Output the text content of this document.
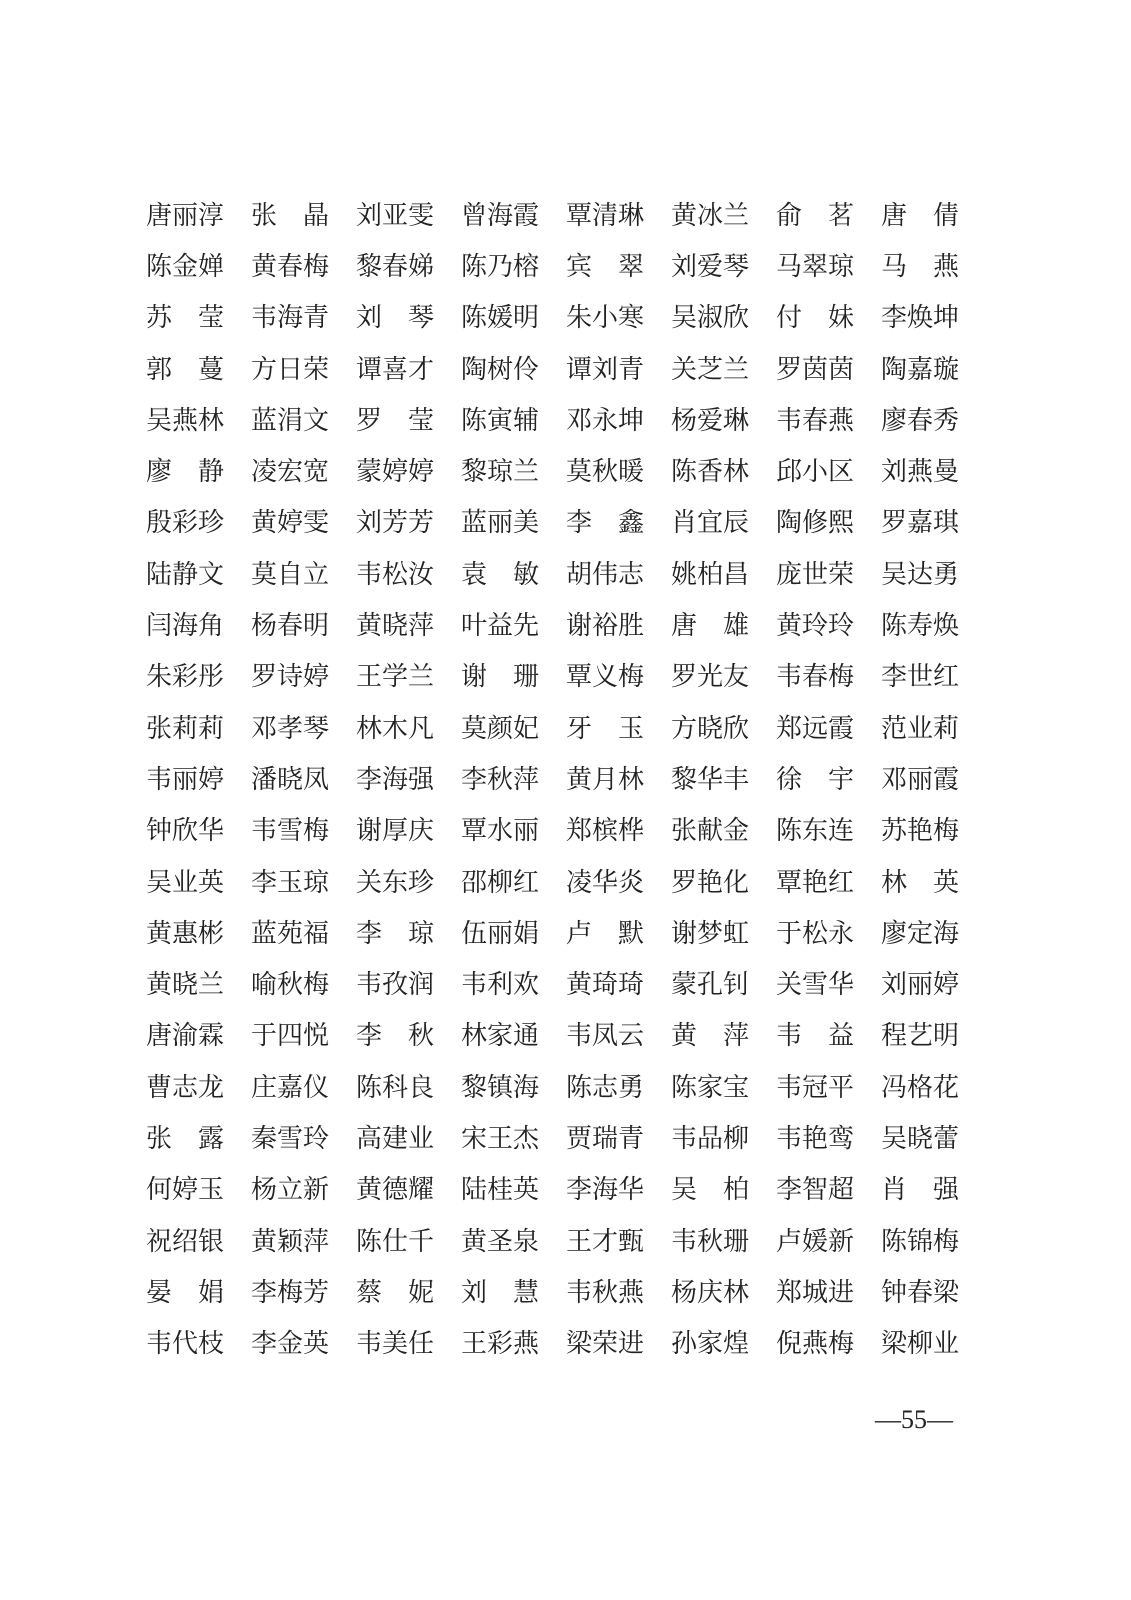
唐丽淳	张　晶	刘亚雯	曾海霞	覃清琳	黄冰兰	俞　茗	唐　倩
陈金婵	黄春梅	黎春娣	陈乃榕	宾　翠	刘爱琴	马翠琼	马　燕
苏　莹	韦海青	刘　琴	陈媛明	朱小寒	吴淑欣	付　妹	李焕坤
郭　蔓	方日荣	谭喜才	陶树伶	谭刘青	关芝兰	罗茵茵	陶嘉璇
吴燕林	蓝涓文	罗　莹	陈寅辅	邓永坤	杨爱琳	韦春燕	廖春秀
廖　静	凌宏宽	蒙婷婷	黎琼兰	莫秋暖	陈香林	邱小区	刘燕曼
殷彩珍	黄婷雯	刘芳芳	蓝丽美	李　鑫	肖宜辰	陶修熙	罗嘉琪
陆静文	莫自立	韦松汝	袁　敏	胡伟志	姚柏昌	庞世荣	吴达勇
闫海角	杨春明	黄晓萍	叶益先	谢裕胜	唐　雄	黄玲玲	陈寿焕
朱彩彤	罗诗婷	王学兰	谢　珊	覃义梅	罗光友	韦春梅	李世红
张莉莉	邓孝琴	林木凡	莫颜妃	牙　玉	方晓欣	郑远霞	范业莉
韦丽婷	潘晓凤	李海强	李秋萍	黄月林	黎华丰	徐　宇	邓丽霞
钟欣华	韦雪梅	谢厚庆	覃水丽	郑槟桦	张献金	陈东连	苏艳梅
吴业英	李玉琼	关东珍	邵柳红	凌华炎	罗艳化	覃艳红	林　英
黄惠彬	蓝苑福	李　琼	伍丽娟	卢　默	谢梦虹	于松永	廖定海
黄晓兰	喻秋梅	韦孜润	韦利欢	黄琦琦	蒙孔钊	关雪华	刘丽婷
唐渝霖	于四悦	李　秋	林家通	韦凤云	黄　萍	韦　益	程艺明
曹志龙	庄嘉仪	陈科良	黎镇海	陈志勇	陈家宝	韦冠平	冯格花
张　露	秦雪玲	高建业	宋王杰	贾瑞青	韦品柳	韦艳鸾	吴晓蕾
何婷玉	杨立新	黄德耀	陆桂英	李海华	吴　柏	李智超	肖　强
祝绍银	黄颖萍	陈仕千	黄圣泉	王才甄	韦秋珊	卢媛新	陈锦梅
晏　娟	李梅芳	蔡　妮	刘　慧	韦秋燕	杨庆林	郑城进	钟春梁
韦代枝	李金英	韦美任	王彩燕	梁荣进	孙家煌	倪燕梅	梁柳业
—55—
